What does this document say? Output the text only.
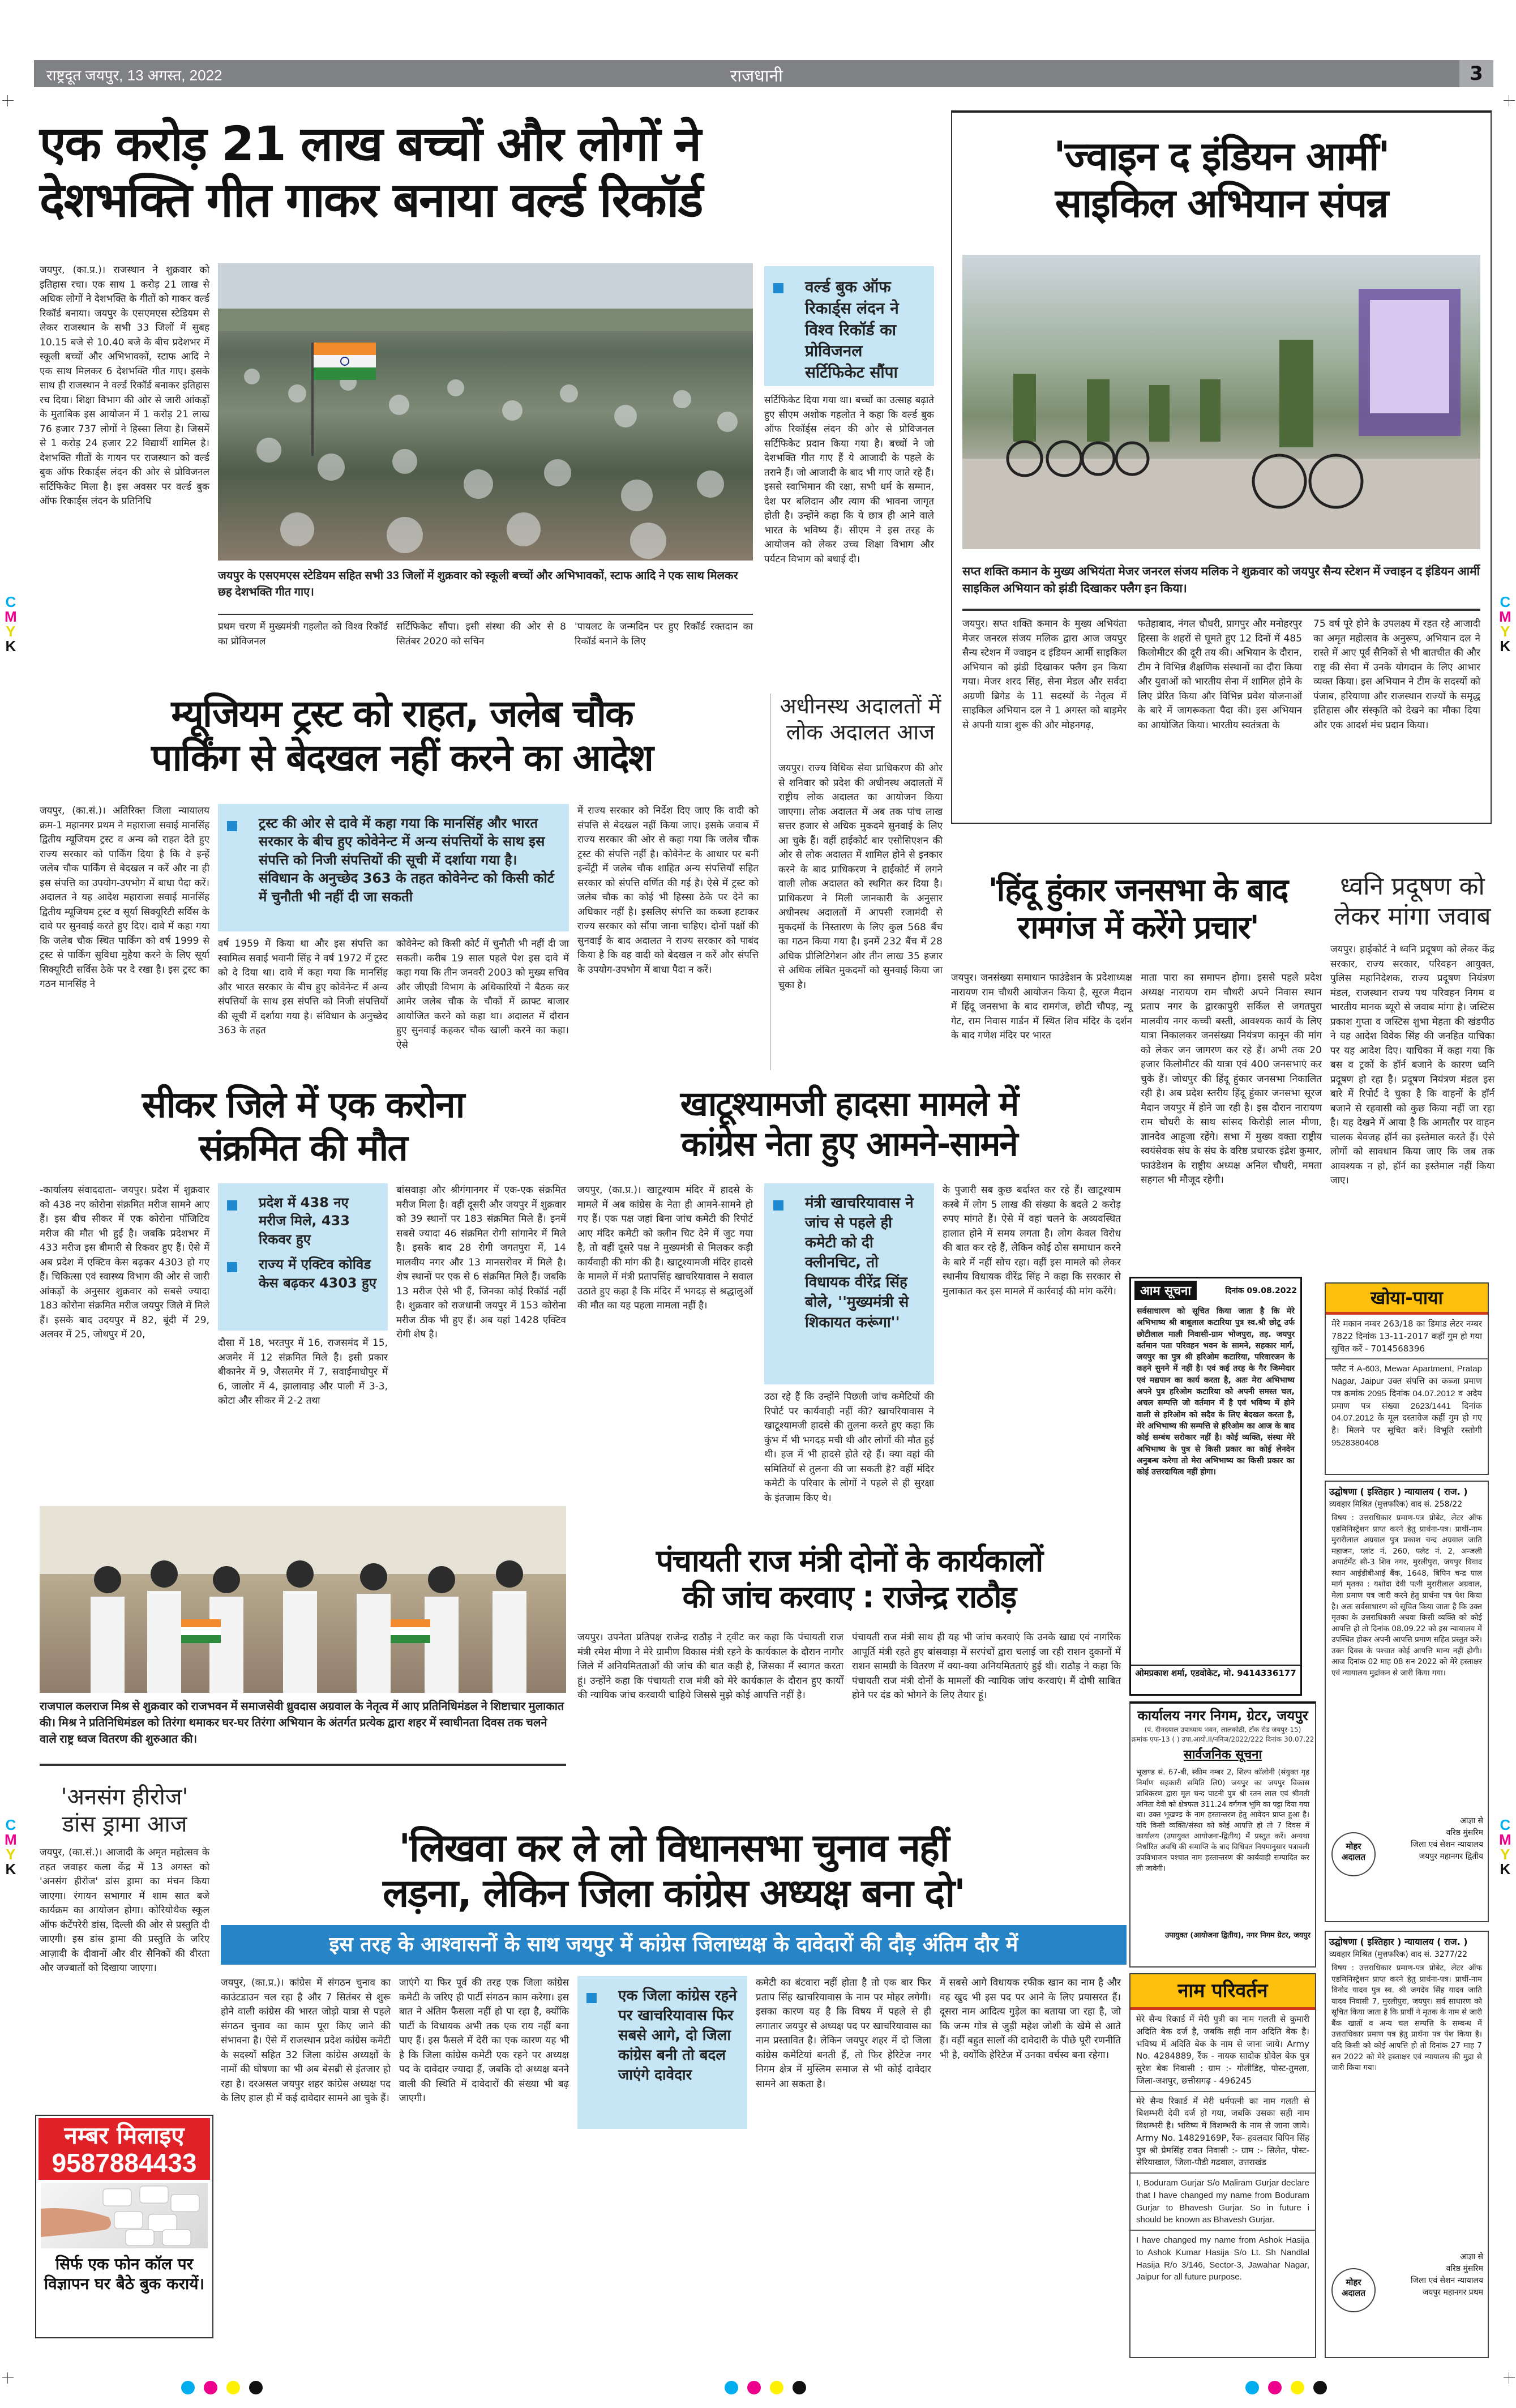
राष्ट्रदूत जयपुर, 13 अगस्त, 2022	राजधानी	3
एक करोड़ 21 लाख बच्चों और लोगों ने
देशभक्ति गीत गाकर बनाया वर्ल्ड रिकॉर्ड
जयपुर, (का.प्र.)। राजस्थान ने शुक्रवार को इतिहास रचा। एक साथ 1 करोड़ 21 लाख से अधिक लोगों ने देशभक्ति के गीतों को गाकर वर्ल्ड रिकॉर्ड बनाया। जयपुर के एसएमएस स्टेडियम से लेकर राजस्थान के सभी 33 जिलों में सुबह 10.15 बजे से 10.40 बजे के बीच प्रदेशभर में स्कूली बच्चों और अभिभावकों, स्टाफ आदि ने एक साथ मिलकर 6 देशभक्ति गीत गाए। इसके साथ ही राजस्थान ने वर्ल्ड रिकॉर्ड बनाकर इतिहास रच दिया। शिक्षा विभाग की ओर से जारी आंकड़ों के मुताबिक इस आयोजन में 1 करोड़ 21 लाख 76 हजार 737 लोगों ने हिस्सा लिया है। जिसमें से 1 करोड़ 24 हजार 22 विद्यार्थी शामिल है। देशभक्ति गीतों के गायन पर राजस्थान को वर्ल्ड बुक ऑफ रिकार्ड्स लंदन की ओर से प्रोविजनल सर्टिफिकेट मिला है। इस अवसर पर वर्ल्ड बुक ऑफ रिकार्ड्स लंदन के प्रतिनिधि
जयपुर के एसएमएस स्टेडियम सहित सभी 33 जिलों में शुक्रवार को स्कूली बच्चों और अभिभावकों, स्टाफ आदि ने एक साथ मिलकर छह देशभक्ति गीत गाए।
प्रथम चरण में मुख्यमंत्री गहलोत को विश्व रिकॉर्ड का प्रोविजनल
सर्टिफिकेट सौंपा। इसी संस्था की ओर से 8 सितंबर 2020 को सचिन
'पायलट के जन्मदिन पर हुए रिकॉर्ड रक्तदान का रिकॉर्ड बनाने के लिए
वर्ल्ड बुक ऑफ रिकार्ड्स लंदन ने विश्व रिकॉर्ड का प्रोविजनल सर्टिफिकेट सौंपा
सर्टिफिकेट दिया गया था। बच्चों का उत्साह बढ़ाते हुए सीएम अशोक गहलोत ने कहा कि वर्ल्ड बुक ऑफ रिकॉर्ड्स लंदन की ओर से प्रोविजनल सर्टिफिकेट प्रदान किया गया है। बच्चों ने जो देशभक्ति गीत गाए हैं ये आजादी के पहले के तराने हैं। जो आजादी के बाद भी गाए जाते रहे हैं। इससे स्वाभिमान की रक्षा, सभी धर्म के सम्मान, देश पर बलिदान और त्याग की भावना जागृत होती है। उन्होंने कहा कि ये छात्र ही आने वाले भारत के भविष्य हैं। सीएम ने इस तरह के आयोजन को लेकर उच्च शिक्षा विभाग और पर्यटन विभाग को बधाई दी।
'ज्वाइन द इंडियन आर्मी'
साइकिल अभियान संपन्न
सप्त शक्ति कमान के मुख्य अभियंता मेजर जनरल संजय मलिक ने शुक्रवार को जयपुर सैन्य स्टेशन में ज्वाइन द इंडियन आर्मी साइकिल अभियान को झंडी दिखाकर फ्लैग इन किया।
जयपुर। सप्त शक्ति कमान के मुख्य अभियंता मेजर जनरल संजय मलिक द्वारा आज जयपुर सैन्य स्टेशन में ज्वाइन द इंडियन आर्मी साइकिल अभियान को झंडी दिखाकर फ्लैग इन किया गया। मेजर शरद सिंह, सेना मेडल और सर्वदा अग्रणी ब्रिगेड के 11 सदस्यों के नेतृत्व में साइकिल अभियान दल ने 1 अगस्त को बाड़मेर से अपनी यात्रा शुरू की और मोहनगढ़,
फतेहाबाद, नंगल चौधरी, प्रागपुर और मनोहरपुर हिस्सा के शहरों से घूमते हुए 12 दिनों में 485 किलोमीटर की दूरी तय की। अभियान के दौरान, टीम ने विभिन्न शैक्षणिक संस्थानों का दौरा किया और युवाओं को भारतीय सेना में शामिल होने के लिए प्रेरित किया और विभिन्न प्रवेश योजनाओं के बारे में जागरूकता पैदा की। इस अभियान का आयोजित किया। भारतीय स्वतंत्रता के
75 वर्ष पूरे होने के उपलक्ष्य में रहत रहे आजादी का अमृत महोत्सव के अनुरूप, अभियान दल ने रास्ते में आए पूर्व सैनिकों से भी बातचीत की और राष्ट्र की सेवा में उनके योगदान के लिए आभार व्यक्त किया। इस अभियान ने टीम के सदस्यों को पंजाब, हरियाणा और राजस्थान राज्यों के समृद्ध इतिहास और संस्कृति को देखने का मौका दिया और एक आदर्श मंच प्रदान किया।
म्यूजियम ट्रस्ट को राहत, जलेब चौक
पार्किंग से बेदखल नहीं करने का आदेश
जयपुर, (का.सं.)। अतिरिक्त जिला न्यायालय क्रम-1 महानगर प्रथम ने महाराजा सवाई मानसिंह द्वितीय म्यूजियम ट्रस्ट व अन्य को राहत देते हुए राज्य सरकार को पार्किंग दिया है कि वे इन्हें जलेब चौक पार्किंग से बेदखल न करें और ना ही इस संपत्ति का उपयोग-उपभोग में बाधा पैदा करें। अदालत ने यह आदेश महाराजा सवाई मानसिंह द्वितीय म्यूजियम ट्रस्ट व सूर्या सिक्यूरिटी सर्विस के दावे पर सुनवाई करते हुए दिए। दावे में कहा गया कि जलेब चौक स्थित पार्किंग को वर्ष 1999 से ट्रस्ट से पार्किंग सुविधा मुहैया करने के लिए सूर्या सिक्यूरिटी सर्विस ठेके पर दे रखा है। इस ट्रस्ट का गठन मानसिंह ने
ट्रस्ट की ओर से दावे में कहा गया कि मानसिंह और भारत सरकार के बीच हुए कोवेनेन्ट में अन्य संपत्तियों के साथ इस संपत्ति को निजी संपत्तियों की सूची में दर्शाया गया है। संविधान के अनुच्छेद 363 के तहत कोवेनेन्ट को किसी कोर्ट में चुनौती भी नहीं दी जा सकती
वर्ष 1959 में किया था और इस संपत्ति का स्वामित्व सवाई भवानी सिंह ने वर्ष 1972 में ट्रस्ट को दे दिया था। दावे में कहा गया कि मानसिंह और भारत सरकार के बीच हुए कोवेनेन्ट में अन्य संपत्तियों के साथ इस संपत्ति को निजी संपत्तियों की सूची में दर्शाया गया है। संविधान के अनुच्छेद 363 के तहत
कोवेनेन्ट को किसी कोर्ट में चुनौती भी नहीं दी जा सकती। करीब 19 साल पहले पेश इस दावे में कहा गया कि तीन जनवरी 2003 को मुख्य सचिव और जीएडी विभाग के अधिकारियों ने बैठक कर आमेर जलेब चौक के चौकों में क्राफ्ट बाजार आयोजित करने को कहा था। अदालत में दौरान हुए सुनवाई कहकर चौक खाली करने का कहा। ऐसे
में राज्य सरकार को निर्देश दिए जाए कि वादी को संपत्ति से बेदखल नहीं किया जाए। इसके जवाब में राज्य सरकार की ओर से कहा गया कि जलेब चौक ट्रस्ट की संपत्ति नहीं है। कोवेनेन्ट के आधार पर बनी इन्वेंट्री में जलेब चौक शाहित अन्य संपत्तियाँ सहित सरकार को संपत्ति वर्णित की गई है। ऐसे में ट्रस्ट को जलेब चौक का कोई भी हिस्सा ठेके पर देने का अधिकार नहीं है। इसलिए संपत्ति का कब्जा हटाकर राज्य सरकार को सौंपा जाना चाहिए। दोनों पक्षों की सुनवाई के बाद अदालत ने राज्य सरकार को पाबंद किया है कि वह वादी को बेदखल न करें और संपत्ति के उपयोग-उपभोग में बाधा पैदा न करें।
अधीनस्थ अदालतों में
लोक अदालत आज
जयपुर। राज्य विधिक सेवा प्राधिकरण की ओर से शनिवार को प्रदेश की अधीनस्थ अदालतों में राष्ट्रीय लोक अदालत का आयोजन किया जाएगा। लोक अदालत में अब तक पांच लाख सत्तर हजार से अधिक मुकदमे सुनवाई के लिए आ चुके हैं। वहीं हाईकोर्ट बार एसोसिएशन की ओर से लोक अदालत में शामिल होने से इनकार करने के बाद प्राधिकरण ने हाईकोर्ट में लगने वाली लोक अदालत को स्थगित कर दिया है। प्राधिकरण ने मिली जानकारी के अनुसार अधीनस्थ अदालतों में आपसी रजामंदी से मुकदमों के निस्तारण के लिए कुल 568 बैंच का गठन किया गया है। इनमें 232 बैंच में 28 अधिक प्रीलिटिगेशन और तीन लाख 35 हजार से अधिक लंबित मुकदमों को सुनवाई किया जा चुका है।
'हिंदू हुंकार जनसभा के बाद
रामगंज में करेंगे प्रचार'
जयपुर। जनसंख्या समाधान फाउंडेशन के प्रदेशाध्यक्ष नारायण राम चौधरी आयोजन किया है, सूरज मैदान में हिंदू जनसभा के बाद रामगंज, छोटी चौपड़, न्यू गेट, राम निवास गार्डन में स्थित शिव मंदिर के दर्शन के बाद गणेश मंदिर पर भारत
माता पारा का समापन होगा। इससे पहले प्रदेश अध्यक्ष नारायण राम चौधरी अपने निवास स्थान प्रताप नगर के द्वारकापुरी सर्किल से जगतपुरा मालवीय नगर कच्ची बस्ती, आवश्यक कार्य के लिए यात्रा निकालकर जनसंख्या नियंत्रण कानून की मांग को लेकर जन जागरण कर रहे हैं। अभी तक 20 हजार किलोमीटर की यात्रा एवं 400 जनसभाएं कर चुके हैं। जोधपुर की हिंदू हुंकार जनसभा निकालित रही है। अब प्रदेश स्तरीय हिंदू हुंकार जनसभा सूरज मैदान जयपुर में होने जा रही है। इस दौरान नारायण राम चौधरी के साथ सांसद किरोड़ी लाल मीणा, ज्ञानदेव आहूजा रहेंगे। सभा में मुख्य वक्ता राष्ट्रीय स्वयंसेवक संघ के संघ के वरिष्ठ प्रचारक इंद्रेश कुमार, फाउंडेशन के राष्ट्रीय अध्यक्ष अनिल चौधरी, ममता सहगल भी मौजूद रहेगी।
ध्वनि प्रदूषण को
लेकर मांगा जवाब
जयपुर। हाईकोर्ट ने ध्वनि प्रदूषण को लेकर केंद्र सरकार, राज्य सरकार, परिवहन आयुक्त, पुलिस महानिदेशक, राज्य प्रदूषण नियंत्रण मंडल, राजस्थान राज्य पथ परिवहन निगम व भारतीय मानक ब्यूरो से जवाब मांगा है। जस्टिस प्रकाश गुप्ता व जस्टिस शुभा मेहता की खंडपीठ ने यह आदेश विवेक सिंह की जनहित याचिका पर यह आदेश दिए। याचिका में कहा गया कि बस व ट्रकों के हॉर्न बजाने के कारण ध्वनि प्रदूषण हो रहा है। प्रदूषण नियंत्रण मंडल इस बारे में रिपोर्ट दे चुका है कि वाहनों के हॉर्न बजाने से रहवासी को कुछ किया नहीं जा रहा है। यह देखने में आया है कि आमतौर पर वाहन चालक बेवजह हॉर्न का इस्तेमाल करते हैं। ऐसे लोगों को सावधान किया जाए कि जब तक आवश्यक न हो, हॉर्न का इस्तेमाल नहीं किया जाए।
सीकर जिले में एक करोना
संक्रमित की मौत
-कार्यालय संवाददाता- जयपुर। प्रदेश में शुक्रवार को 438 नए कोरोना संक्रमित मरीज सामने आए हैं। इस बीच सीकर में एक कोरोना पॉजिटिव मरीज की मौत भी हुई है। जबकि प्रदेशभर में 433 मरीज इस बीमारी से रिकवर हुए हैं। ऐसे में अब प्रदेश में एक्टिव केस बढ़कर 4303 हो गए हैं। चिकित्सा एवं स्वास्थ्य विभाग की ओर से जारी आंकड़ों के अनुसार शुक्रवार को सबसे ज्यादा 183 कोरोना संक्रमित मरीज जयपुर जिले में मिले हैं। इसके बाद उदयपुर में 82, बूंदी में 29, अलवर में 25, जोधपुर में 20,
प्रदेश में 438 नए मरीज मिले, 433 रिकवर हुए
राज्य में एक्टिव कोविड केस बढ़कर 4303 हुए
दौसा में 18, भरतपुर में 16, राजसमंद में 15, अजमेर में 12 संक्रमित मिले है। इसी प्रकार बीकानेर में 9, जैसलमेर में 7, सवाईमाधोपुर में 6, जालोर में 4, झालावाड़ और पाली में 3-3, कोटा और सीकर में 2-2 तथा
बांसवाड़ा और श्रीगंगानगर में एक-एक संक्रमित मरीज मिला है। वहीं दूसरी और जयपुर में शुक्रवार को 39 स्थानों पर 183 संक्रमित मिले हैं। इनमें सबसे ज्यादा 46 संक्रमित रोगी सांगानेर में मिले है। इसके बाद 28 रोगी जगतपुरा में, 14 मालवीय नगर और 13 मानसरोवर में मिले है। शेष स्थानों पर एक से 6 संक्रमित मिले हैं। जबकि 13 मरीज ऐसे भी हैं, जिनका कोई रिकॉर्ड नहीं है। शुक्रवार को राजधानी जयपुर में 153 कोरोना मरीज ठीक भी हुए हैं। अब यहां 1428 एक्टिव रोगी शेष है।
खाटूश्यामजी हादसा मामले में
कांग्रेस नेता हुए आमने-सामने
जयपुर, (का.प्र.)। खाटूश्याम मंदिर में हादसे के मामले में अब कांग्रेस के नेता ही आमने-सामने हो गए हैं। एक पक्ष जहां बिना जांच कमेटी की रिपोर्ट आए मंदिर कमेटी को क्लीन चिट देने में जुट गया है, तो वहीं दूसरे पक्ष ने मुख्यमंत्री से मिलकर कड़ी कार्यवाही की मांग की है। खाटूश्यामजी मंदिर हादसे के मामले में मंत्री प्रतापसिंह खाचरियावास ने सवाल उठाते हुए कहा है कि मंदिर में भगदड़ से श्रद्धालुओं की मौत का यह पहला मामला नहीं है।
मंत्री खाचरियावास ने जांच से पहले ही कमेटी को दी क्लीनचिट, तो विधायक वीरेंद्र सिंह बोले, ''मुख्यमंत्री से शिकायत करूंगा''
उठा रहे हैं कि उन्होंने पिछली जांच कमेटियों की रिपोर्ट पर कार्यवाही नहीं की? खाचरियावास ने खाटूश्यामजी हादसे की तुलना करते हुए कहा कि कुंभ में भी भगदड़ मची थी और लोगों की मौत हुई थी। हज में भी हादसे होते रहे हैं। क्या वहां की समितियों से तुलना की जा सकती है? वहीं मंदिर कमेटी के परिवार के लोगों ने पहले से ही सुरक्षा के इंतजाम किए थे।
के पुजारी सब कुछ बर्दाश्त कर रहे हैं। खाटूश्याम कस्बे में लोग 5 लाख की संख्या के बदले 2 करोड़ रुपए मांगते हैं। ऐसे में वहां चलने के अव्यवस्थित हालात होने में समय लगता है। लोग केवल विरोध की बात कर रहे हैं, लेकिन कोई ठोस समाधान करने के बारे में नहीं सोच रहा। वहीं इस मामले को लेकर स्थानीय विधायक वीरेंद्र सिंह ने कहा कि सरकार से मुलाकात कर इस मामले में कार्रवाई की मांग करेंगे।
राजपाल कलराज मिश्र से शुक्रवार को राजभवन में समाजसेवी ध्रुवदास अग्रवाल के नेतृत्व में आए प्रतिनिधिमंडल ने शिष्टाचार मुलाकात की। मिश्र ने प्रतिनिधिमंडल को तिरंगा थमाकर घर-घर तिरंगा अभियान के अंतर्गत प्रत्येक द्वारा शहर में स्वाधीनता दिवस तक चलने वाले राष्ट्र ध्वज वितरण की शुरुआत की।
पंचायती राज मंत्री दोनों के कार्यकालों
की जांच करवाए : राजेन्द्र राठौड़
जयपुर। उपनेता प्रतिपक्ष राजेन्द्र राठौड़ ने ट्वीट कर कहा कि पंचायती राज मंत्री रमेश मीणा ने मेरे ग्रामीण विकास मंत्री रहने के कार्यकाल के दौरान नागौर जिले में अनियमितताओं की जांच की बात कही है, जिसका मैं स्वागत करता हूं। उन्होंने कहा कि पंचायती राज मंत्री को मेरे कार्यकाल के दौरान हुए कार्यों की न्यायिक जांच करवायी चाहिये जिससे मुझे कोई आपत्ति नहीं है।
पंचायती राज मंत्री साथ ही यह भी जांच करवाएं कि उनके खाद्य एवं नागरिक आपूर्ति मंत्री रहते हुए बांसवाड़ा में सरपंचों द्वारा चलाई जा रही राशन दुकानों में राशन सामग्री के वितरण में क्या-क्या अनियमितताएं हुई थी। राठौड़ ने कहा कि पंचायती राज मंत्री दोनों के मामलों की न्यायिक जांच करवाएं। मैं दोषी साबित होने पर दंड को भोगने के लिए तैयार हूं।
'अनसंग हीरोज'
डांस ड्रामा आज
जयपुर, (का.सं.)। आजादी के अमृत महोत्सव के तहत जवाहर कला केंद्र में 13 अगस्त को 'अनसंग हीरोज' डांस ड्रामा का मंचन किया जाएगा। रंगायन सभागार में शाम सात बजे कार्यक्रम का आयोजन होगा। कोरियोथैक स्कूल ऑफ कंटेंपरेरी डांस, दिल्ली की ओर से प्रस्तुति दी जाएगी। इस डांस ड्रामा की प्रस्तुति के जरिए आज़ादी के दीवानों और वीर सैनिकों की वीरता और जज्बातों को दिखाया जाएगा।
नम्बर मिलाइए
9587884433
सिर्फ एक फोन कॉल पर विज्ञापन घर बैठे बुक करायें।
'लिखवा कर ले लो विधानसभा चुनाव नहीं
लड़ना, लेकिन जिला कांग्रेस अध्यक्ष बना दो'
इस तरह के आश्वासनों के साथ जयपुर में कांग्रेस जिलाध्यक्ष के दावेदारों की दौड़ अंतिम दौर में
जयपुर, (का.प्र.)। कांग्रेस में संगठन चुनाव का काउंटडाउन चल रहा है और 7 सितंबर से शुरू होने वाली कांग्रेस की भारत जोड़ो यात्रा से पहले संगठन चुनाव का काम पूरा किए जाने की संभावना है। ऐसे में राजस्थान प्रदेश कांग्रेस कमेटी के सदस्यों सहित 32 जिला कांग्रेस अध्यक्षों के नामों की घोषणा का भी अब बेसब्री से इंतजार हो रहा है। दरअसल जयपुर शहर कांग्रेस अध्यक्ष पद के लिए हाल ही में कई दावेदार सामने आ चुके हैं।
जाएंगे या फिर पूर्व की तरह एक जिला कांग्रेस कमेटी के जरिए ही पार्टी संगठन काम करेगा। इस बात ने अंतिम फैसला नहीं हो पा रहा है, क्योंकि पार्टी के विधायक अभी तक एक राय नहीं बना पाए हैं। इस फैसले में देरी का एक कारण यह भी है कि जिला कांग्रेस कमेटी एक रहने पर अध्यक्ष पद के दावेदार ज्यादा हैं, जबकि दो अध्यक्ष बनने वाली की स्थिति में दावेदारों की संख्या भी बढ़ जाएगी।
एक जिला कांग्रेस रहने पर खाचरियावास फिर सबसे आगे, दो जिला कांग्रेस बनी तो बदल जाएंगे दावेदार
कमेटी का बंटवारा नहीं होता है तो एक बार फिर प्रताप सिंह खाचरियावास के नाम पर मोहर लगेगी। इसका कारण यह है कि विषय में पहले से ही लगातार जयपुर से अध्यक्ष पद पर खाचरियावास का नाम प्रस्तावित है। लेकिन जयपुर शहर में दो जिला कांग्रेस कमेटियां बनती हैं, तो फिर हेरिटेज नगर निगम क्षेत्र में मुस्लिम समाज से भी कोई दावेदार सामने आ सकता है।
में सबसे आगे विधायक रफीक खान का नाम है और वह खुद भी इस पद पर आने के लिए प्रयासरत हैं। दूसरा नाम आदित्य गुड़ेल का बताया जा रहा है, जो कि जन्म गोत्र से जुड़ी महेश जोशी के खेमे से आते हैं। वहीं बहुत सालों की दावेदारी के पीछे पूरी रणनीति भी है, क्योंकि हेरिटेज में उनका वर्चस्व बना रहेगा।
आम सूचना	दिनांक 09.08.2022
सर्वसाधारण को सूचित किया जाता है कि मेरे अभिभाष्य श्री बाबूलाल कटारिया पुत्र स्व.श्री छोटू उर्फ छोटीलाल माली निवासी-ग्राम भोजपुरा, तह. जयपुर वर्तमान पता परिवहन भवन के सामने, सहकार मार्ग, जयपुर का पुत्र श्री हरिओम कटारिया, परिवारजन के कहने सुनने में नहीं है। एवं कई तरह के गैर जिम्मेदार एवं मद्यपान का कार्य करता है, अतः मेरा अभिभाष्य अपने पुत्र हरिओम कटारिया को अपनी समस्त चल, अचल सम्पत्ति जो वर्तमान में है एवं भविष्य में होने वाली से हरिओम को सदैव के लिए बेदखल करता है, मेरे अभिभाष्य की सम्पत्ति से हरिओम का आज के बाद कोई सम्बंध सरोकार नहीं है। कोई व्यक्ति, संस्था मेरे अभिभाष्य के पुत्र से किसी प्रकार का कोई लेनदेन अनुबन्ध करेगा तो मेरा अभिभाष्य का किसी प्रकार का कोई उत्तरदायित्व नहीं होगा।
ओमप्रकाश शर्मा, एडवोकेट, मो. 9414336177
कार्यालय नगर निगम, ग्रेटर, जयपुर
(पं. दीनदयाल उपाध्याय भवन, लालकोठी, टोंक रोड जयपुर-15)
क्रमांक एफ-13 ( ) उपा.आयो.II/ननिज/2022/222 दिनांक 30.07.22
सार्वजनिक सूचना
भूखण्ड सं. 67-बी, स्कीम नम्बर 2, शिल्प कॉलोनी (संयुक्त गृह निर्माण सहकारी समिति लि0) जयपुर का जयपुर विकास प्राधिकरण द्वारा मूल चन्द पाटनी पुत्र श्री रतन लाल एवं श्रीमती अनिता देवी को क्षेत्रफल 311.24 वर्गगज भूमि का पट्टा दिया गया था। उक्त भूखण्ड के नाम हस्तान्तरण हेतु आवेदन प्राप्त हुआ है। यदि किसी व्यक्ति/संस्था को कोई आपत्ति हो तो 7 दिवस में कार्यालय (उपायुक्त आयोजना-द्वितीय) में प्रस्तुत करें। अन्यथा निर्धारित अवधि की समाप्ति के बाद विधिवत नियमानुसार पत्रावली उपविभाजन पश्चात नाम हस्तान्तरण की कार्यवाही सम्पादित कर ली जावेगी।
उपायुक्त (आयोजना द्वितीय), नगर निगम ग्रेटर, जयपुर
नाम परिवर्तन
मेरे सैन्य रिकार्ड में मेरी पुत्री का नाम गलती से कुमारी अदिति बेक दर्ज है, जबकि सही नाम अदिति बेक है। भविष्य में अदिति बेक के नाम से जाना जाये। Army No. 4284889, रैंक - नायक सादोक ग्रोवेल बेक पुत्र सुरेश बेक निवासी : ग्राम :- गोलीडिह, पोस्ट-तुमला, जिला-जशपुर, छत्तीसगढ़ - 496245
मेरे सैन्य रिकार्ड में मेरी धर्मपत्नी का नाम गलती से बिशम्भरी देवी दर्ज हो गया, जबकि उसका सही नाम विशम्भरी है। भविष्य में विशम्भरी के नाम से जाना जाये। Army No. 14829169P, रैंक- हवलदार विपिन सिंह पुत्र श्री प्रेमसिंह रावत निवासी :- ग्राम :- सिलेत, पोस्ट-सेरियाखाल, जिला-पौडी गढवाल, उत्तराखंड
I, Boduram Gurjar S/o Maliram Gurjar declare that I have changed my name from Boduram Gurjar to Bhavesh Gurjar. So in future i should be known as Bhavesh Gurjar.
I have changed my name from Ashok Hasija to Ashok Kumar Hasija S/o Lt. Sh Nandlal Hasija R/o 3/146, Sector-3, Jawahar Nagar, Jaipur for all future purpose.
खोया-पाया
मेरे मकान नम्बर 263/18 का डिमांड लेटर नम्बर 7822 दिनांक 13-11-2017 कहीं गुम हो गया सूचित करें - 7014568396
फ्लैट नं A-603, Mewar Apartment, Pratap Nagar, Jaipur उक्त संपत्ति का कब्जा प्रमाण पत्र क्रमांक 2095 दिनांक 04.07.2012 व अदेय प्रमाण पत्र संख्या 2623/1441 दिनांक 04.07.2012 के मूल दस्तावेज कहीं गुम हो गए है। मिलने पर सूचित करें। विभूति रस्तोगी 9528380408
उद्घोषणा ( इश्तिहार ) न्यायालय ( राज. )
व्यवहार मिश्रित (मुत्तफरिक) वाद सं. 258/22
विषय : उत्तराधिकार प्रमाण-पत्र प्रोबेट, लेटर ऑफ एडमिनिस्ट्रेशन प्राप्त करने हेतु प्रार्थना-पत्र। प्रार्थी-नाम मुरारीलाल अग्रवाल पुत्र प्रकाश चन्द अग्रवाल जाति महाजन, प्लांट नं. 260, फ्लेट नं. 2, अन्जली अपार्टमेंट सी-3 शिव नगर, मुरलीपुरा, जयपुर विवाद स्थान आईडीबीआई बैंक, 1648, बिपिन चन्द्र पाल मार्ग मृतका : यशोदा देवी पत्नी मुरारीलाल अग्रवाल, मेला प्रमाण पत्र जारी करने हेतु प्रार्थना पत्र पेश किया है। अतः सर्वसाधारण को सूचित किया जाता है कि उक्त मृतका के उत्तराधिकारी अथवा किसी व्यक्ति को कोई आपत्ति हो तो दिनांक 08.09.22 को इस न्यायालय में उपस्थित होकर अपनी आपत्ति प्रमाण सहित प्रस्तुत करें। उक्त दिवस के पश्चात कोई आपत्ति मान्य नहीं होगी। आज दिनांक 02 माह 08 सन 2022 को मेरे हस्ताक्षर एवं न्यायालय मुद्रांकन से जारी किया गया।
मोहर अदालत
आज्ञा से
वरिष्ठ मुंसरिम
जिला एवं सेशन न्यायालय
जयपुर महानगर द्वितीय
उद्घोषणा ( इश्तिहार ) न्यायालय ( राज. )
व्यवहार मिश्रित (मुत्तफरिक) वाद सं. 3277/22
विषय : उत्तराधिकार प्रमाण-पत्र प्रोबेट, लेटर ऑफ एडमिनिस्ट्रेशन प्राप्त करने हेतु प्रार्थना-पत्र। प्रार्थी-नाम विनोद यादव पुत्र स्व. श्री जगदेव सिंह यादव जाति यादव निवासी 7, मुरलीपुरा, जयपुर। सर्व साधारण को सूचित किया जाता है कि प्रार्थी ने मृतक के नाम से जारी बैंक खातों व अन्य चल सम्पत्ति के सम्बन्ध में उत्तराधिकार प्रमाण पत्र हेतु प्रार्थना पत्र पेश किया है। यदि किसी को कोई आपत्ति हो तो दिनांक 27 माह 7 सन 2022 को मेरे हस्ताक्षर एवं न्यायालय की मुद्रा से जारी किया गया।
मोहर अदालत
आज्ञा से
वरिष्ठ मुंसरिम
जिला एवं सेशन न्यायालय
जयपुर महानगर प्रथम
C
M
Y
K
C
M
Y
K
C
M
Y
K
C
M
Y
K
